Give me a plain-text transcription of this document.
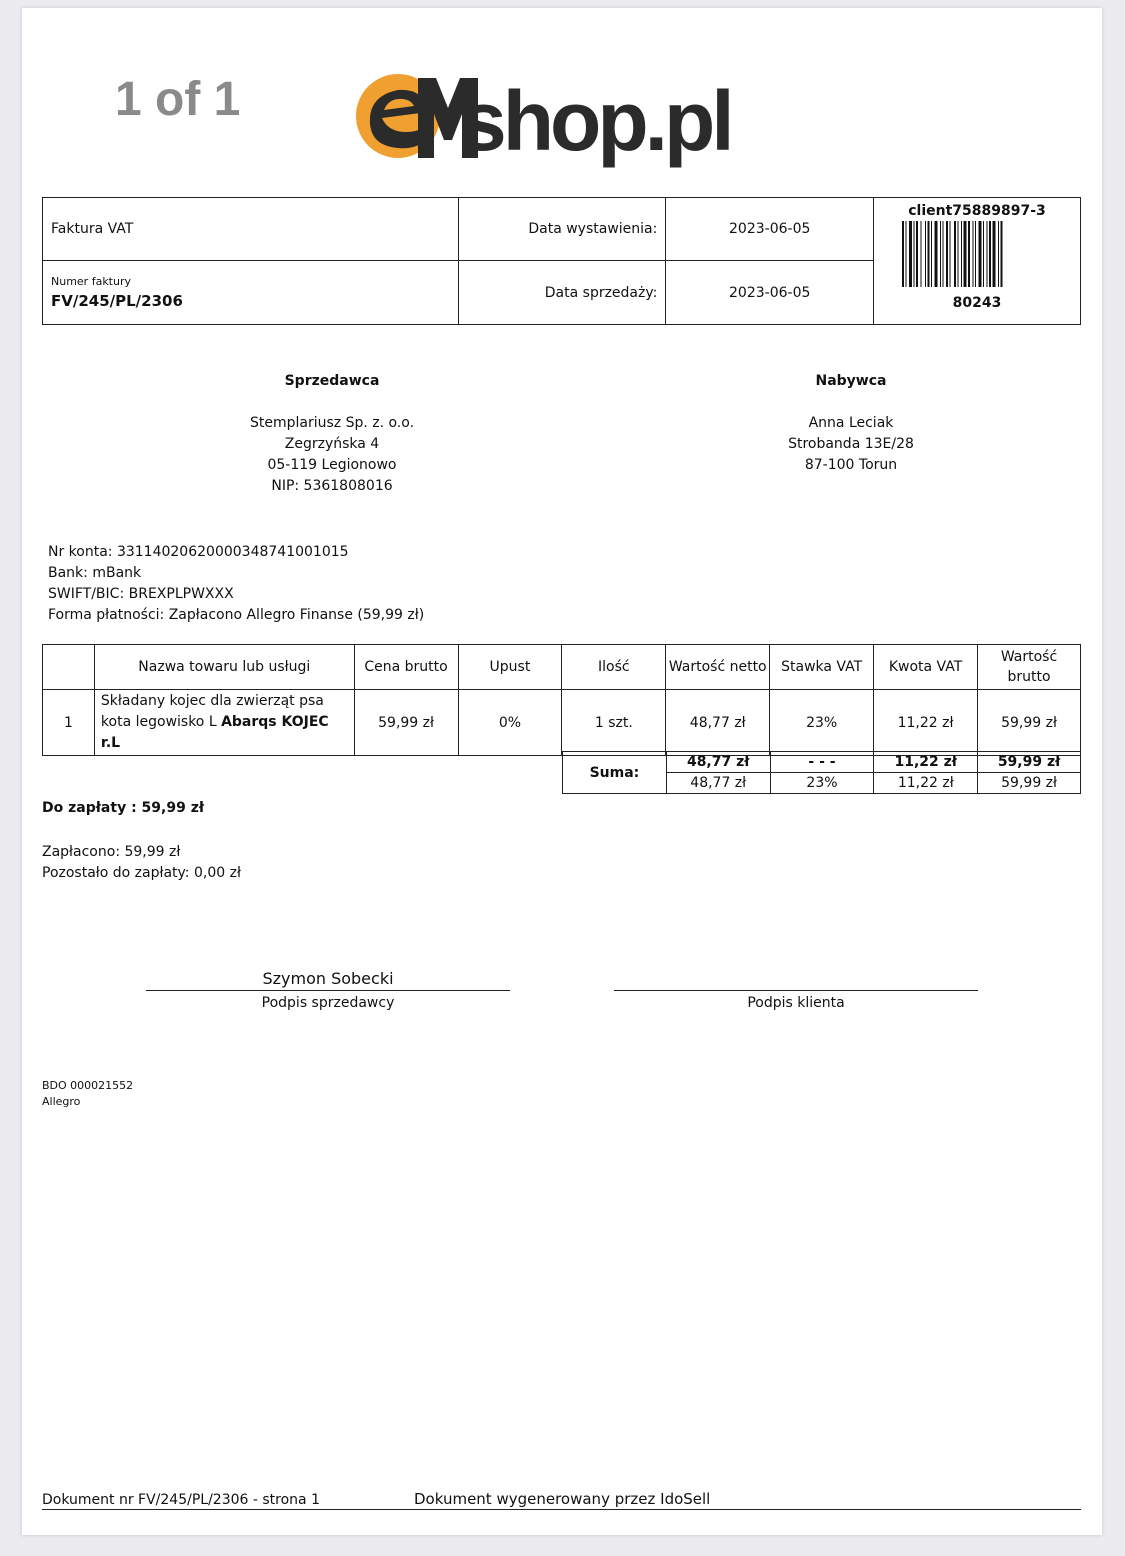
1 of 1	shop.pl
Faktura VAT	Data wystawienia:	2023-06-05	client75889897-3
80243

Numer faktury
FV/245/PL/2306	Data sprzedaży:	2023-06-05	
Sprzedawca
Stemplariusz Sp. z. o.o.
Zegrzyńska 4
05-119 Legionowo
NIP: 5361808016
Nabywca
Anna Leciak
Strobanda 13E/28
87-100 Torun
Nr konta: 33114020620000348741001015
Bank: mBank
SWIFT/BIC: BREXPLPWXXX
Forma płatności: Zapłacono Allegro Finanse (59,99 zł)
	Nazwa towaru lub usługi	Cena brutto	Upust	Ilość	Wartość netto	Stawka VAT	Kwota VAT	Wartość brutto
1	Składany kojec dla zwierząt psa kota legowisko L Abarqs KOJEC r.L	59,99 zł	0%	1 szt.	48,77 zł	23%	11,22 zł	59,99 zł
Suma:	48,77 zł	- - -	11,22 zł	59,99 zł
	48,77 zł	23%	11,22 zł	59,99 zł
Do zapłaty : 59,99 zł
Zapłacono: 59,99 zł
Pozostało do zapłaty: 0,00 zł
Szymon Sobecki
Podpis sprzedawcy	Podpis klienta
BDO 000021552
Allegro
Dokument nr FV/245/PL/2306 - strona 1	Dokument wygenerowany przez IdoSell
